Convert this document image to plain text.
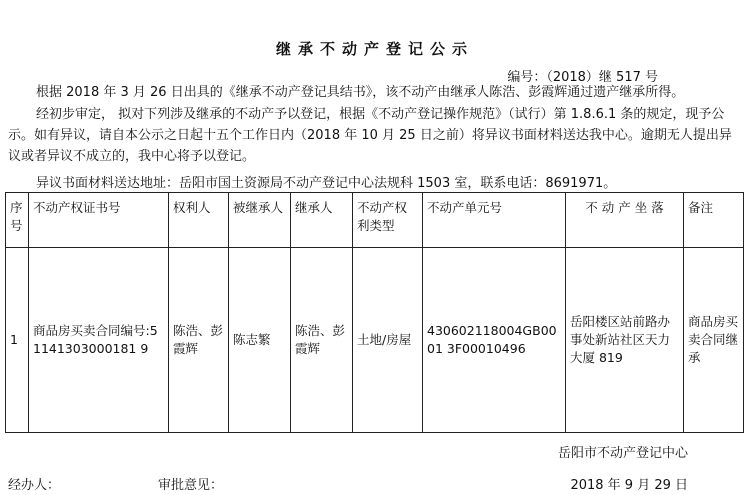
继承不动产登记公示
编号：（2018）继 517 号
根据 2018 年 3 月 26 日出具的《继承不动产登记具结书》，该不动产由继承人陈浩、彭霞辉通过遗产继承所得。
经初步审定， 拟对下列涉及继承的不动产予以登记，根据《不动产登记操作规范》（试行）第 1.8.6.1 条的规定，现予公示。如有异议，请自本公示之日起十五个工作日内（2018 年 10 月 25 日之前）将异议书面材料送达我中心。逾期无人提出异议或者异议不成立的，我中心将予以登记。
异议书面材料送达地址：岳阳市国土资源局不动产登记中心法规科 1503 室，联系电话：8691971。
序号	不动产权证书号	权利人	被继承人	继承人	不动产权利类型	不动产单元号	不 动 产 坐 落	备注
1	商品房买卖合同编号:51141303000181 9	陈浩、彭霞辉	陈志繁	陈浩、彭霞辉	土地/房屋	430602118004GB0001 3F00010496	岳阳楼区站前路办事处新站社区天力大厦 819	商品房买卖合同继承
岳阳市不动产登记中心
经办人：	审批意见：	2018 年 9 月 29 日
